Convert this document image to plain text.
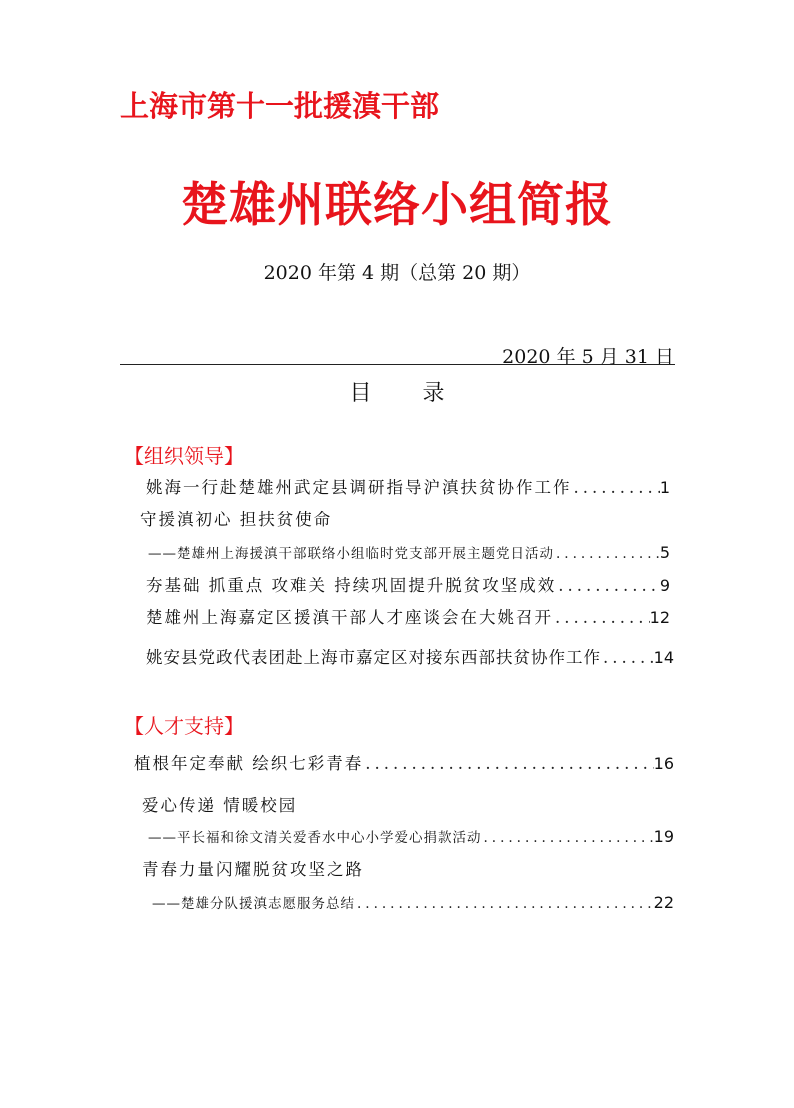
上海市第十一批援滇干部
楚雄州联络小组简报
2020 年第 4 期（总第 20 期）
2020 年 5 月 31 日
目 录
【组织领导】
姚海一行赴楚雄州武定县调研指导沪滇扶贫协作工作 .....	1
守援滇初心 担扶贫使命
——楚雄州上海援滇干部联络小组临时党支部开展主题党日活动 .....	5
夯基础 抓重点 攻难关 持续巩固提升脱贫攻坚成效 .....	9
楚雄州上海嘉定区援滇干部人才座谈会在大姚召开 .....	12
姚安县党政代表团赴上海市嘉定区对接东西部扶贫协作工作 .....	14
【人才支持】
植根年定奉献 绘织七彩青春 .....	16
爱心传递 情暖校园
——平长福和徐文清关爱香水中心小学爱心捐款活动 .....	19
青春力量闪耀脱贫攻坚之路
——楚雄分队援滇志愿服务总结 .....	22
